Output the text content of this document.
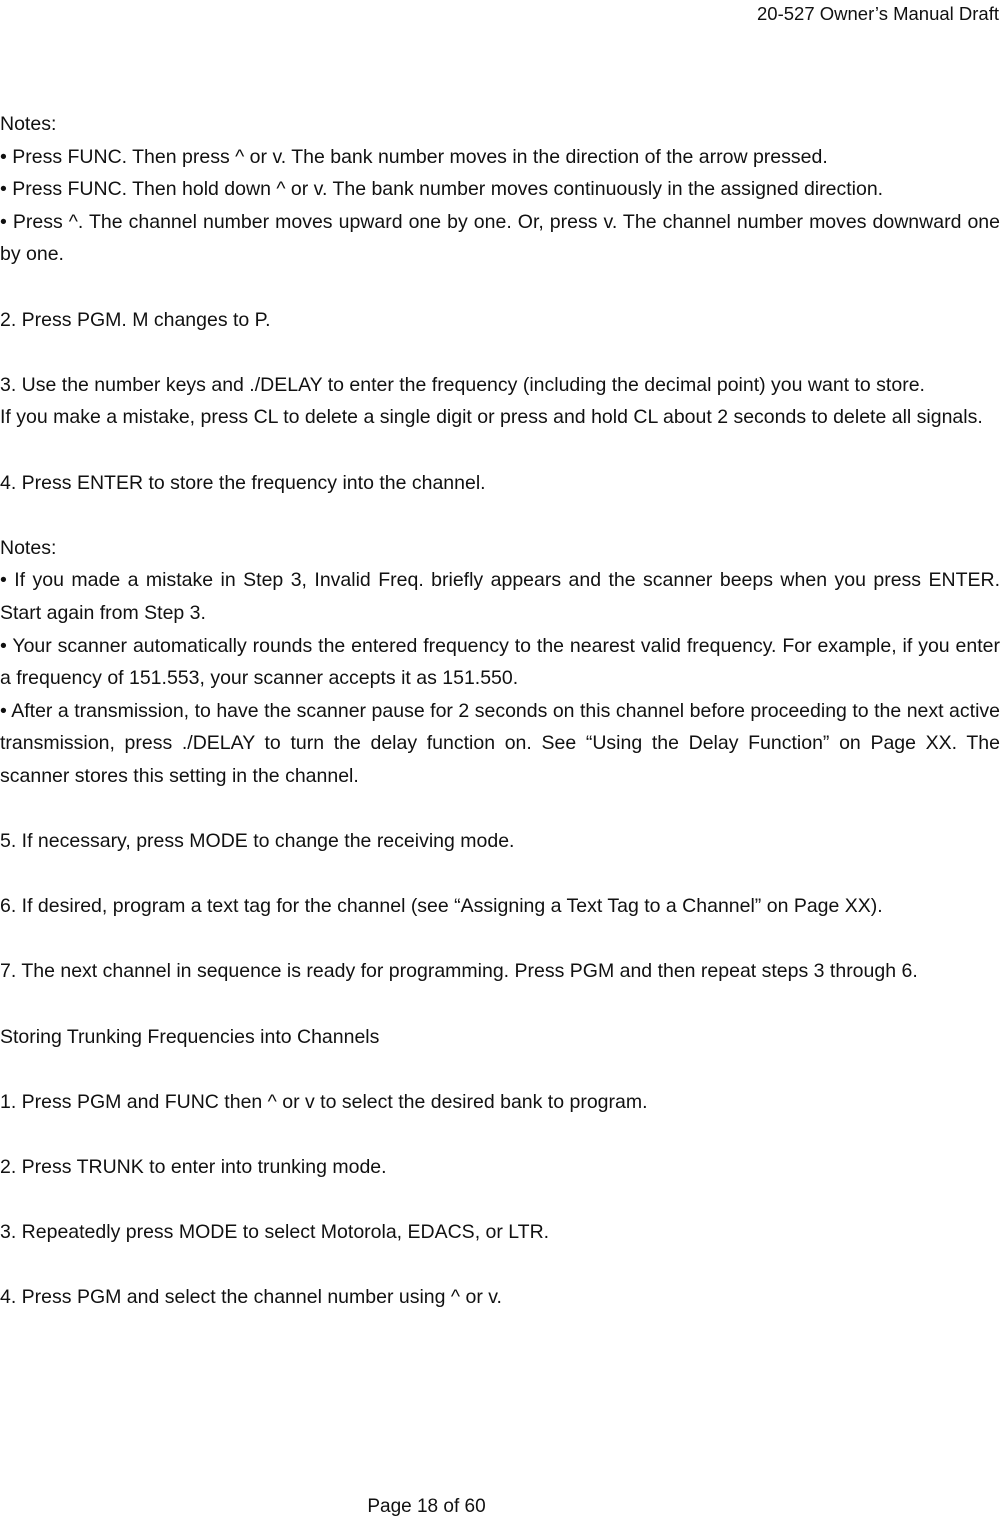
20-527 Owner’s Manual Draft

Notes:

• Press FUNC. Then press ^ or v. The bank number moves in the direction of the arrow pressed.

• Press FUNC. Then hold down ^ or v. The bank number moves continuously in the assigned direction.

• Press ^. The channel number moves upward one by one. Or, press v. The channel number moves downward one by one.

2. Press PGM. M changes to P.

3. Use the number keys and ./DELAY to enter the frequency (including the decimal point) you want to store.

If you make a mistake, press CL to delete a single digit or press and hold CL about 2 seconds to delete all signals.

4. Press ENTER to store the frequency into the channel.

Notes:

• If you made a mistake in Step 3, Invalid Freq. briefly appears and the scanner beeps when you press ENTER. Start again from Step 3.

• Your scanner automatically rounds the entered frequency to the nearest valid frequency. For example, if you enter a frequency of 151.553, your scanner accepts it as 151.550.

• After a transmission, to have the scanner pause for 2 seconds on this channel before proceeding to the next active transmission, press ./DELAY to turn the delay function on. See “Using the Delay Function” on Page XX. The scanner stores this setting in the channel.

5. If necessary, press MODE to change the receiving mode.

6. If desired, program a text tag for the channel (see “Assigning a Text Tag to a Channel” on Page XX).

7. The next channel in sequence is ready for programming. Press PGM and then repeat steps 3 through 6.

Storing Trunking Frequencies into Channels

1. Press PGM and FUNC then ^ or v to select the desired bank to program.

2. Press TRUNK to enter into trunking mode.

3. Repeatedly press MODE to select Motorola, EDACS, or LTR.

4. Press PGM and select the channel number using ^ or v.

Page 18 of 60
